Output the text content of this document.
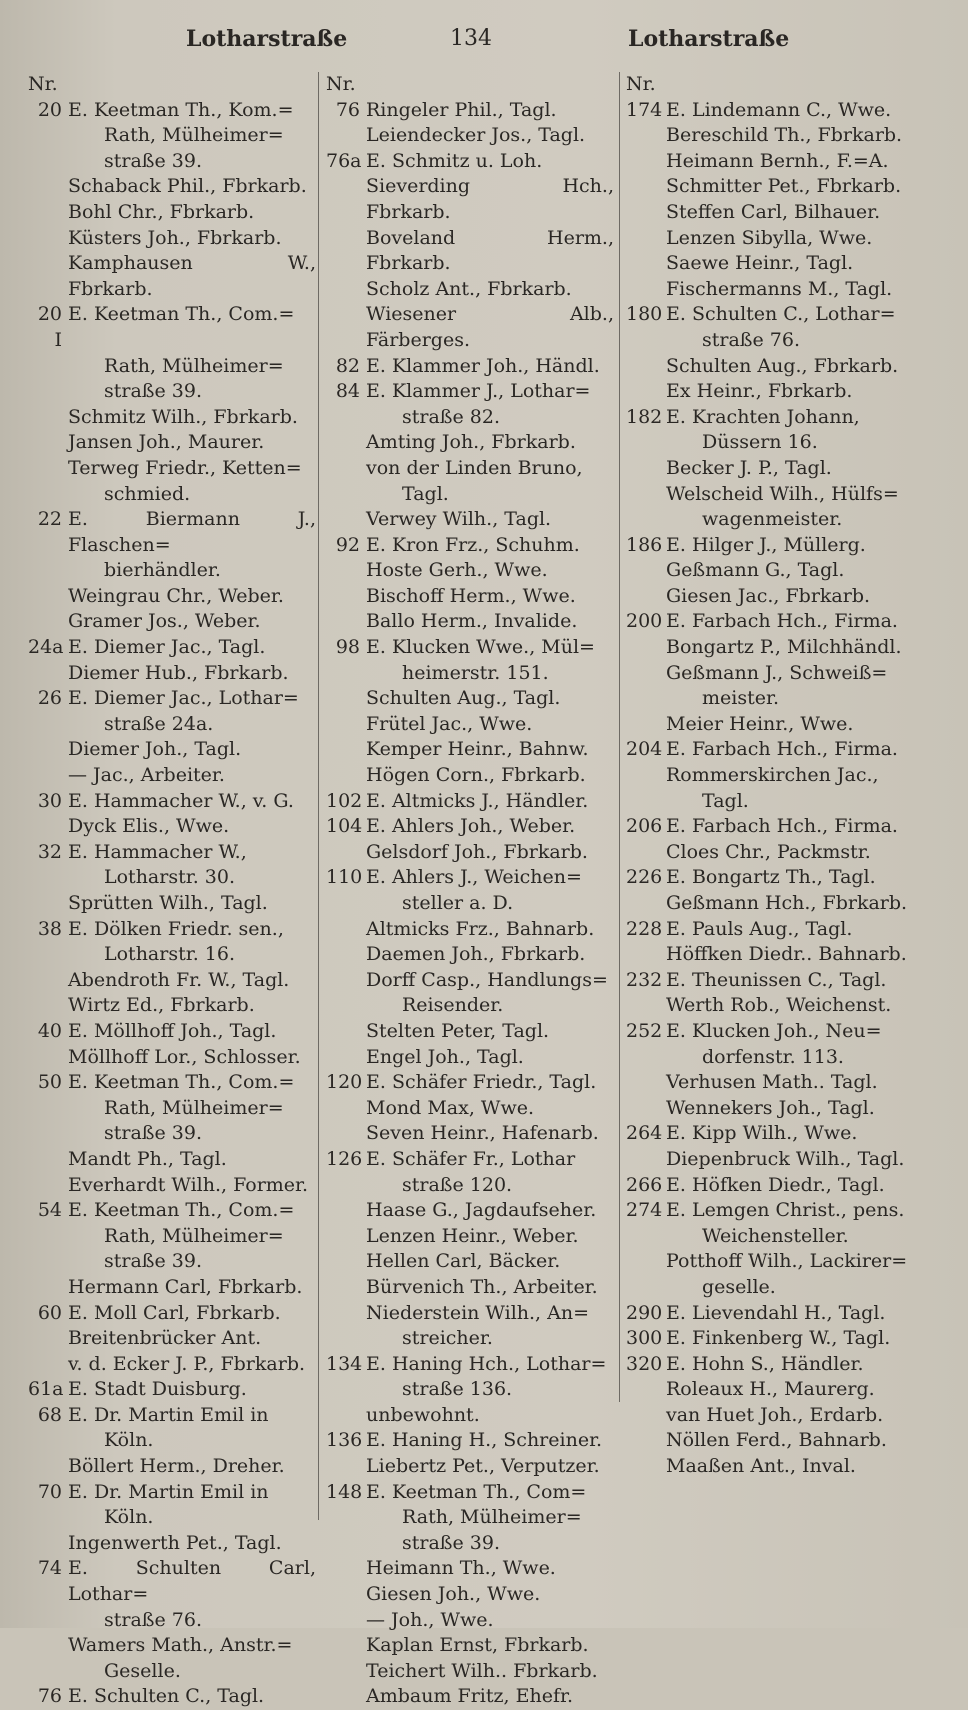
Lotharstraße	134	Lotharstraße
Nr.
20 E. Keetman Th., Kom.=
Rath, Mülheimer=
straße 39.
Schaback Phil., Fbrkarb.
Bohl Chr., Fbrkarb.
Küsters Joh., Fbrkarb.
Kamphausen W., Fbrkarb.
20 I
E. Keetman Th., Com.=
Rath, Mülheimer=
straße 39.
Schmitz Wilh., Fbrkarb.
Jansen Joh., Maurer.
Terweg Friedr., Ketten=
schmied.
22 E. Biermann J., Flaschen=
bierhändler.
Weingrau Chr., Weber.
Gramer Jos., Weber.
24a E. Diemer Jac., Tagl.
Diemer Hub., Fbrkarb.
26 E. Diemer Jac., Lothar=
straße 24a.
Diemer Joh., Tagl.
— Jac., Arbeiter.
30 E. Hammacher W., v. G.
Dyck Elis., Wwe.
32 E. Hammacher W.,
Lotharstr. 30.
Sprütten Wilh., Tagl.
38 E. Dölken Friedr. sen.,
Lotharstr. 16.
Abendroth Fr. W., Tagl.
Wirtz Ed., Fbrkarb.
40 E. Möllhoff Joh., Tagl.
Möllhoff Lor., Schlosser.
50 E. Keetman Th., Com.=
Rath, Mülheimer=
straße 39.
Mandt Ph., Tagl.
Everhardt Wilh., Former.
54 E. Keetman Th., Com.=
Rath, Mülheimer=
straße 39.
Hermann Carl, Fbrkarb.
60 E. Moll Carl, Fbrkarb.
Breitenbrücker Ant.
v. d. Ecker J. P., Fbrkarb.
61a E. Stadt Duisburg.
68 E. Dr. Martin Emil in
Köln.
Böllert Herm., Dreher.
70 E. Dr. Martin Emil in
Köln.
Ingenwerth Pet., Tagl.
74 E. Schulten Carl, Lothar=
straße 76.
Wamers Math., Anstr.=
Geselle.
76 E. Schulten C., Tagl.
Nr.
76 Ringeler Phil., Tagl.
Leiendecker Jos., Tagl.
76a E. Schmitz u. Loh.
Sieverding Hch., Fbrkarb.
Boveland Herm., Fbrkarb.
Scholz Ant., Fbrkarb.
Wiesener Alb., Färberges.
82 E. Klammer Joh., Händl.
84 E. Klammer J., Lothar=
straße 82.
Amting Joh., Fbrkarb.
von der Linden Bruno,
Tagl.
Verwey Wilh., Tagl.
92 E. Kron Frz., Schuhm.
Hoste Gerh., Wwe.
Bischoff Herm., Wwe.
Ballo Herm., Invalide.
98 E. Klucken Wwe., Mül=
heimerstr. 151.
Schulten Aug., Tagl.
Frütel Jac., Wwe.
Kemper Heinr., Bahnw.
Högen Corn., Fbrkarb.
102 E. Altmicks J., Händler.
104 E. Ahlers Joh., Weber.
Gelsdorf Joh., Fbrkarb.
110 E. Ahlers J., Weichen=
steller a. D.
Altmicks Frz., Bahnarb.
Daemen Joh., Fbrkarb.
Dorff Casp., Handlungs=
Reisender.
Stelten Peter, Tagl.
Engel Joh., Tagl.
120 E. Schäfer Friedr., Tagl.
Mond Max, Wwe.
Seven Heinr., Hafenarb.
126 E. Schäfer Fr., Lothar
straße 120.
Haase G., Jagdaufseher.
Lenzen Heinr., Weber.
Hellen Carl, Bäcker.
Bürvenich Th., Arbeiter.
Niederstein Wilh., An=
streicher.
134 E. Haning Hch., Lothar=
straße 136.
unbewohnt.
136 E. Haning H., Schreiner.
Liebertz Pet., Verputzer.
148 E. Keetman Th., Com=
Rath, Mülheimer=
straße 39.
Heimann Th., Wwe.
Giesen Joh., Wwe.
— Joh., Wwe.
Kaplan Ernst, Fbrkarb.
Teichert Wilh.. Fbrkarb.
Ambaum Fritz, Ehefr.
Nr.
174 E. Lindemann C., Wwe.
Bereschild Th., Fbrkarb.
Heimann Bernh., F.=A.
Schmitter Pet., Fbrkarb.
Steffen Carl, Bilhauer.
Lenzen Sibylla, Wwe.
Saewe Heinr., Tagl.
Fischermanns M., Tagl.
180 E. Schulten C., Lothar=
straße 76.
Schulten Aug., Fbrkarb.
Ex Heinr., Fbrkarb.
182 E. Krachten Johann,
Düssern 16.
Becker J. P., Tagl.
Welscheid Wilh., Hülfs=
wagenmeister.
186 E. Hilger J., Müllerg.
Geßmann G., Tagl.
Giesen Jac., Fbrkarb.
200 E. Farbach Hch., Firma.
Bongartz P., Milchhändl.
Geßmann J., Schweiß=
meister.
Meier Heinr., Wwe.
204 E. Farbach Hch., Firma.
Rommerskirchen Jac.,
Tagl.
206 E. Farbach Hch., Firma.
Cloes Chr., Packmstr.
226 E. Bongartz Th., Tagl.
Geßmann Hch., Fbrkarb.
228 E. Pauls Aug., Tagl.
Höffken Diedr.. Bahnarb.
232 E. Theunissen C., Tagl.
Werth Rob., Weichenst.
252 E. Klucken Joh., Neu=
dorfenstr. 113.
Verhusen Math.. Tagl.
Wennekers Joh., Tagl.
264 E. Kipp Wilh., Wwe.
Diepenbruck Wilh., Tagl.
266 E. Höfken Diedr., Tagl.
274 E. Lemgen Christ., pens.
Weichensteller.
Potthoff Wilh., Lackirer=
geselle.
290 E. Lievendahl H., Tagl.
300 E. Finkenberg W., Tagl.
320 E. Hohn S., Händler.
Roleaux H., Maurerg.
van Huet Joh., Erdarb.
Nöllen Ferd., Bahnarb.
Maaßen Ant., Inval.
